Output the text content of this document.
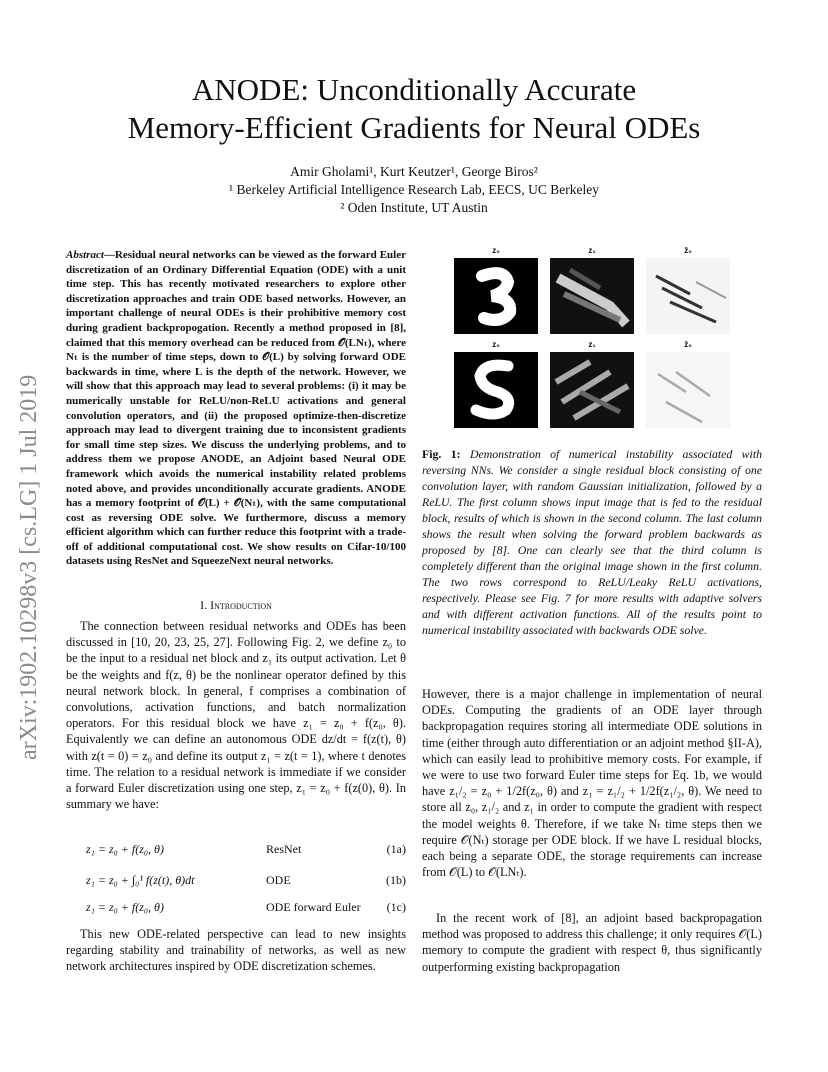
arXiv:1902.10298v3 [cs.LG] 1 Jul 2019
ANODE: Unconditionally Accurate
Memory-Efficient Gradients for Neural ODEs
Amir Gholami¹, Kurt Keutzer¹, George Biros²
¹ Berkeley Artificial Intelligence Research Lab, EECS, UC Berkeley
² Oden Institute, UT Austin
Abstract—Residual neural networks can be viewed as the forward Euler discretization of an Ordinary Differential Equation (ODE) with a unit time step. This has recently motivated researchers to explore other discretization approaches and train ODE based networks. However, an important challenge of neural ODEs is their prohibitive memory cost during gradient backpropogation. Recently a method proposed in [8], claimed that this memory overhead can be reduced from 𝒪(LNₜ), where Nₜ is the number of time steps, down to 𝒪(L) by solving forward ODE backwards in time, where L is the depth of the network. However, we will show that this approach may lead to several problems: (i) it may be numerically unstable for ReLU/non-ReLU activations and general convolution operators, and (ii) the proposed optimize-then-discretize approach may lead to divergent training due to inconsistent gradients for small time step sizes. We discuss the underlying problems, and to address them we propose ANODE, an Adjoint based Neural ODE framework which avoids the numerical instability related problems noted above, and provides unconditionally accurate gradients. ANODE has a memory footprint of 𝒪(L) + 𝒪(Nₜ), with the same computational cost as reversing ODE solve. We furthermore, discuss a memory efficient algorithm which can further reduce this footprint with a trade-off of additional computational cost. We show results on Cifar-10/100 datasets using ResNet and SqueezeNext neural networks.
I. Introduction
The connection between residual networks and ODEs has been discussed in [10, 20, 23, 25, 27]. Following Fig. 2, we define z₀ to be the input to a residual net block and z₁ its output activation. Let θ be the weights and f(z, θ) be the nonlinear operator defined by this neural network block. In general, f comprises a combination of convolutions, activation functions, and batch normalization operators. For this residual block we have z₁ = z₀ + f(z₀, θ). Equivalently we can define an autonomous ODE dz/dt = f(z(t), θ) with z(t = 0) = z₀ and define its output z₁ = z(t = 1), where t denotes time. The relation to a residual network is immediate if we consider a forward Euler discretization using one step, z₁ = z₀ + f(z(0), θ). In summary we have:
z₁ = z₀ + f(z₀, θ)	ResNet	(1a)
z₁ = z₀ + ∫₀¹ f(z(t), θ)dt	ODE	(1b)
z₁ = z₀ + f(z₀, θ)	ODE forward Euler (1c)
This new ODE-related perspective can lead to new insights regarding stability and trainability of networks, as well as new network architectures inspired by ODE discretization schemes.
z₀	z₁	ẑ₀
z₀	z₁	ẑ₀
Fig. 1: Demonstration of numerical instability associated with reversing NNs. We consider a single residual block consisting of one convolution layer, with random Gaussian initialization, followed by a ReLU. The first column shows input image that is fed to the residual block, results of which is shown in the second column. The last column shows the result when solving the forward problem backwards as proposed by [8]. One can clearly see that the third column is completely different than the original image shown in the first column. The two rows correspond to ReLU/Leaky ReLU activations, respectively. Please see Fig. 7 for more results with adaptive solvers and with different activation functions. All of the results point to numerical instability associated with backwards ODE solve.
However, there is a major challenge in implementation of neural ODEs. Computing the gradients of an ODE layer through backpropagation requires storing all intermediate ODE solutions in time (either through auto differentiation or an adjoint method §II-A), which can easily lead to prohibitive memory costs. For example, if we were to use two forward Euler time steps for Eq. 1b, we would have z₁/₂ = z₀ + 1/2f(z₀, θ) and z₁ = z₁/₂ + 1/2f(z₁/₂, θ). We need to store all z₀, z₁/₂ and z₁ in order to compute the gradient with respect the model weights θ. Therefore, if we take Nₜ time steps then we require 𝒪(Nₜ) storage per ODE block. If we have L residual blocks, each being a separate ODE, the storage requirements can increase from 𝒪(L) to 𝒪(LNₜ).
In the recent work of [8], an adjoint based backpropagation method was proposed to address this challenge; it only requires 𝒪(L) memory to compute the gradient with respect θ, thus significantly outperforming existing backpropagation
